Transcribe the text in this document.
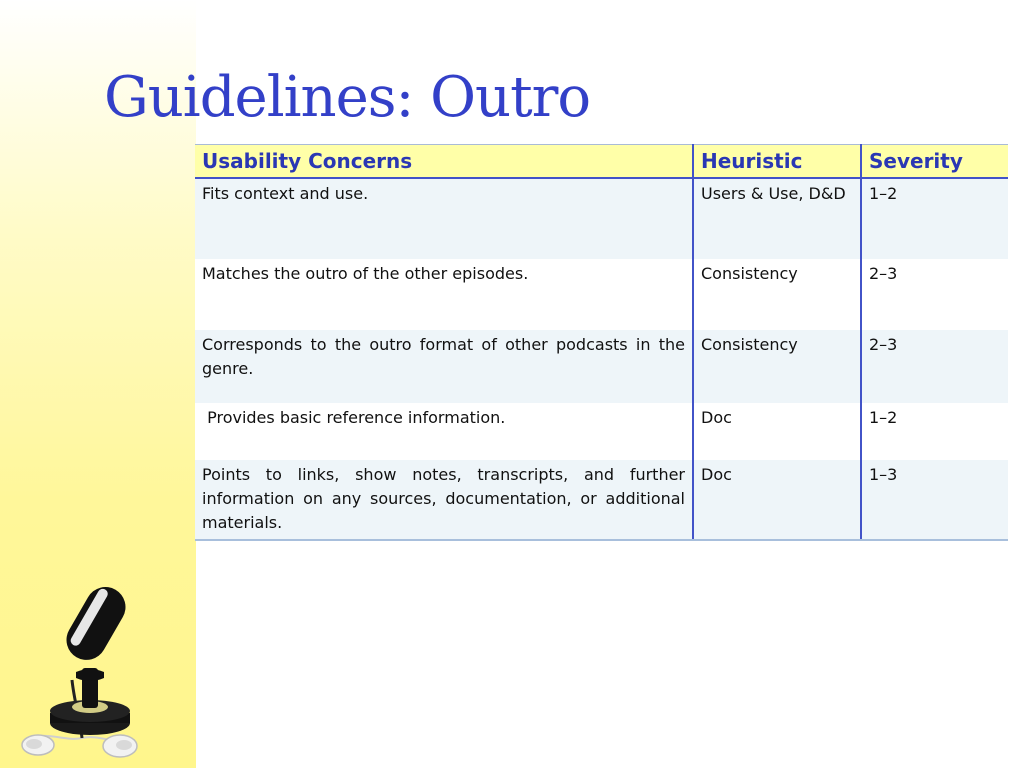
Guidelines: Outro
Usability Concerns	Heuristic	Severity
Fits context and use.	Users & Use, D&D	1–2
Matches the outro of the other episodes.	Consistency	2–3
Corresponds to the outro format of other podcasts in the genre.	Consistency	2–3
Provides basic reference information.	Doc	1–2
Points to links, show notes, transcripts, and further information on any sources, documentation, or additional materials.	Doc	1–3
